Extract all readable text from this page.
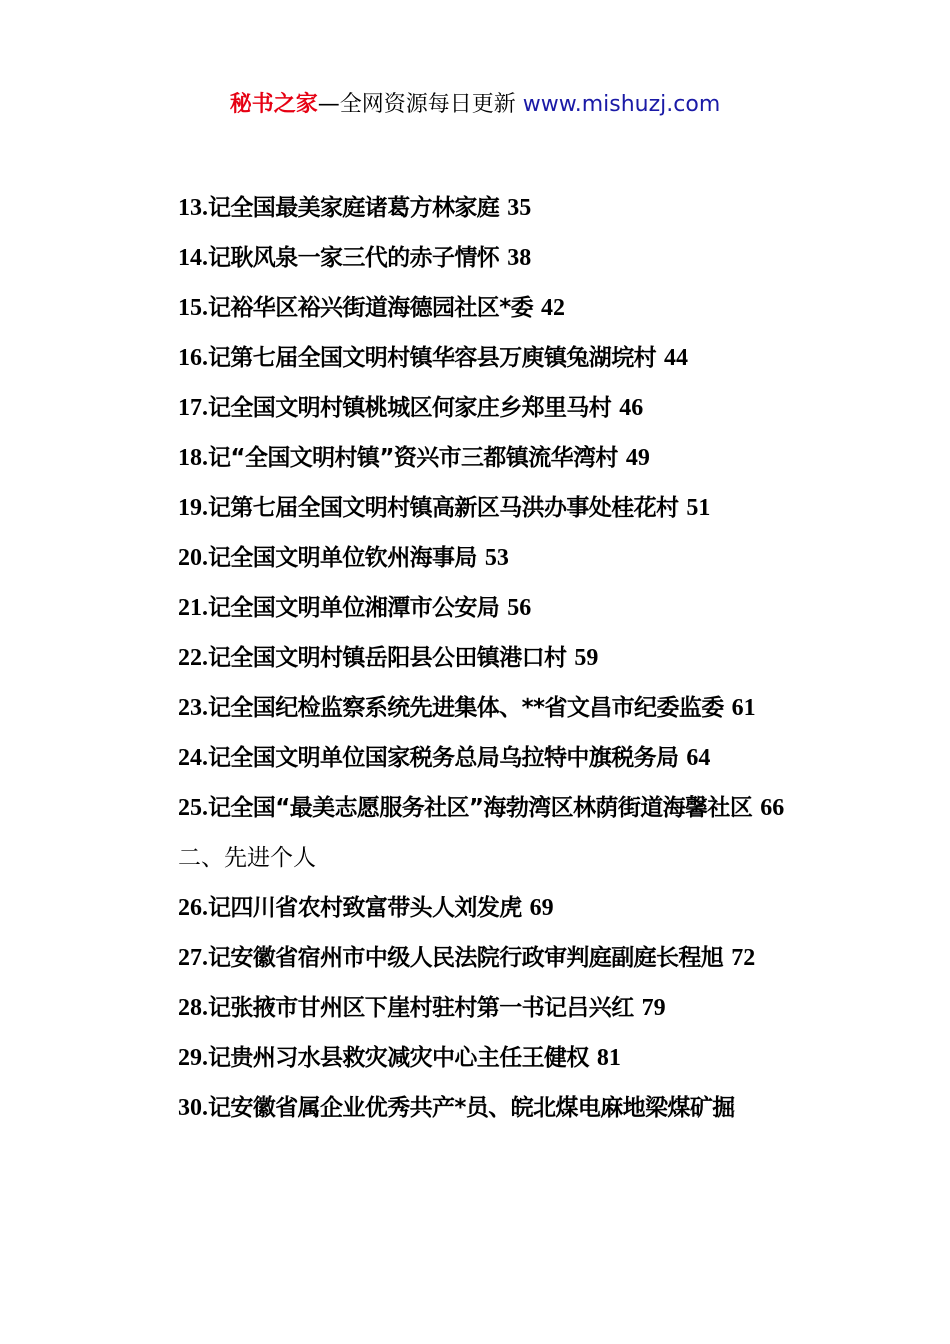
秘书之家—全网资源每日更新 www.mishuzj.com
13.记全国最美家庭诸葛方林家庭 35
14.记耿风泉一家三代的赤子情怀 38
15.记裕华区裕兴街道海德园社区*委 42
16.记第七届全国文明村镇华容县万庾镇兔湖垸村 44
17.记全国文明村镇桃城区何家庄乡郑里马村 46
18.记“全国文明村镇”资兴市三都镇流华湾村 49
19.记第七届全国文明村镇高新区马洪办事处桂花村 51
20.记全国文明单位钦州海事局 53
21.记全国文明单位湘潭市公安局 56
22.记全国文明村镇岳阳县公田镇港口村 59
23.记全国纪检监察系统先进集体、**省文昌市纪委监委 61
24.记全国文明单位国家税务总局乌拉特中旗税务局 64
25.记全国“最美志愿服务社区”海勃湾区林荫街道海馨社区 66
二、先进个人
26.记四川省农村致富带头人刘发虎 69
27.记安徽省宿州市中级人民法院行政审判庭副庭长程旭 72
28.记张掖市甘州区下崖村驻村第一书记吕兴红 79
29.记贵州习水县救灾减灾中心主任王健权 81
30.记安徽省属企业优秀共产*员、皖北煤电麻地梁煤矿掘
